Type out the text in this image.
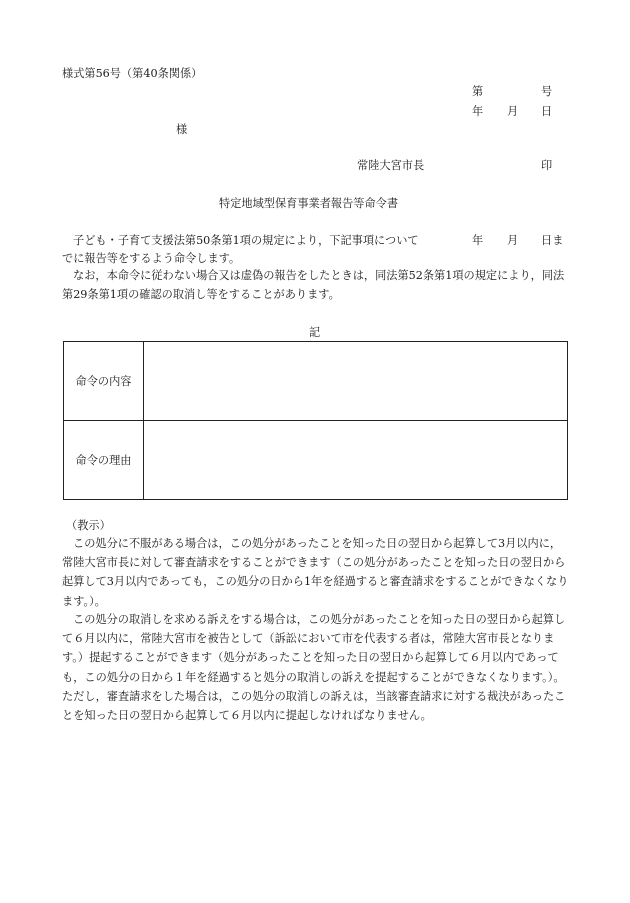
様式第56号（第40条関係）
第	号
年 月 日
様
常陸大宮市長	印
特定地域型保育事業者報告等命令書
子ども・子育て支援法第50条第1項の規定により，下記事項について	年 月 日ま
でに報告等をするよう命令します。
なお，本命令に従わない場合又は虚偽の報告をしたときは，同法第52条第1項の規定により，同法第29条第1項の確認の取消し等をすることがあります。
記
命令の内容	
命令の理由	
（教示）
この処分に不服がある場合は，この処分があったことを知った日の翌日から起算して3月以内に，常陸大宮市長に対して審査請求をすることができます（この処分があったことを知った日の翌日から起算して3月以内であっても，この処分の日から1年を経過すると審査請求をすることができなくなります。）。
この処分の取消しを求める訴えをする場合は，この処分があったことを知った日の翌日から起算して６月以内に，常陸大宮市を被告として（訴訟において市を代表する者は，常陸大宮市長となります。）提起することができます（処分があったことを知った日の翌日から起算して６月以内であっても，この処分の日から１年を経過すると処分の取消しの訴えを提起することができなくなります。）。ただし，審査請求をした場合は，この処分の取消しの訴えは，当該審査請求に対する裁決があったことを知った日の翌日から起算して６月以内に提起しなければなりません。
